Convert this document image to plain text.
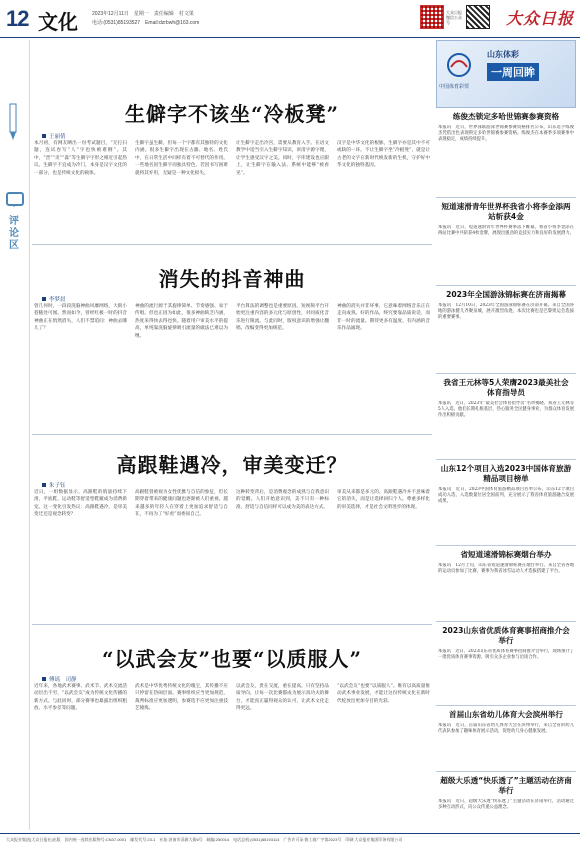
12 文化	2023年12月11日　星期一　责任编辑　村文果
电话:(0531)85193527　Email:dzrbwh@163.com
大众日报微信公众号	大众日报
评论区
生僻字不该坐“冷板凳”
王丽倩
本月初，有网友晒出一份考试题目，“无打扫题，连试卷写“人”字也快被难倒”。其中，“晋”“炎”“淼”等生僻字字形之相近引起热议。生僻字不宜成为冷门，本身是汉字文化的一部分，也是传统文化的载体。
生僻字虽生僻，但每一个字都有其独特的文化内涵。很多生僻字出现在古籍、地名、姓氏中，在日常生活中同样有着不可替代的作用。一些地名因生僻字而独具特色，若因书写困难就将其弃用，无疑是一种文化损失。
让生僻字走出冷宫，需要从教育入手。在语文教学中适当引入生僻字知识，讲清字源字理，让学生感受汉字之美。同时，字库建设也应跟上，让生僻字在输入法、系统中能够“被看见”。
汉字是中华文化的根脉，生僻字亦是其中不可或缺的一环。不让生僻字坐“冷板凳”，就是让古老的文字在新时代焕发新的生机，守护好中华文化的独特基因。
消失的抖音神曲
李梦晨
曾几何时，一段段洗脑神曲风靡网络，大街小巷随处可闻。然而如今，曾经红极一时的抖音神曲正在悄然消失，人们不禁追问：神曲去哪儿了？
神曲的流行源于其旋律简单、节奏感强、易于传唱。但也正因为如此，很多神曲缺乏内涵，热度来得快去得也快。随着用户审美水平的提高，单纯靠洗脑旋律吸引流量的做法已难以为继。
平台算法的调整也是重要原因。短视频平台开始更注重内容的多元化与原创性，对同质化音乐进行限流。与此同时，版权意识的增强让翻唱、改编变得更加规范。
神曲的消失并非坏事，它意味着网络音乐正在走向成熟。好的作品，终究要靠品质说话，而非一时的流量。期待更多有温度、有内涵的音乐作品涌现。
高跟鞋遇冷，审美变迁？
朱子钰
近日，一组数据显示，高跟鞋的销量持续下滑，平底鞋、运动鞋等舒适型鞋履成为消费新宠。这一变化引发热议：高跟鞋遇冷，是审美变迁还是观念转变？
高跟鞋曾被视为女性优雅与自信的象征，但长期穿着带来的健康问题也逐渐被人们重视。越来越多的年轻人在穿着上更加追求舒适与自在，不再为了“好看”而委屈自己。
这种转变背后，是消费观念的成熟与自我意识的觉醒。人们开始意识到，美不只有一种标准，舒适与自信同样可以成为美的表达方式。
审美从来都是多元的。高跟鞋遇冷并不意味着它的消失，而是让选择回归个人。尊重多样化的审美选择，才是社会文明进步的体现。
“以武会友”也要“以质服人”
傅瑶　司静
近年来，各地武术赛事、武术节、武术交流活动层出不穷，“以武会友”成为传统文化传播的新方式。与此同时，部分赛事也暴露出组织粗放、水平参差等问题。
武术是中华优秀传统文化的瑰宝，其传播不应只停留在热闹层面。赛事组织应当更加规范，裁判标准应更加透明，参赛选手应更加注重技艺锤炼。
以武会友，贵在交流，重在提高。只有坚持品质导向，让每一次比赛都成为展示真功夫的舞台，才能真正赢得观众的认可，让武术文化走得更远。
“以武会友”也要“以质服人”。唯有以高质量推动武术事业发展，才能让这份传统文化在新时代绽放出更加夺目的光彩。
中国体育彩票
山东体彩
一周回眸
练俊杰锁定多哈世锦赛参赛资格
本报讯　近日，世界泳联游泳世锦赛参赛资格排名公布，山东选手练俊杰凭借出色表现锁定多哈世锦赛参赛资格。练俊杰在本赛季多项赛事中表现稳定，成绩持续提升。
短道速滑青年世界杯我省小将李金添两站斩获4金
本报讯　近日，短道速滑青年世界杯赛事落下帷幕，我省小将李金添在两站比赛中共斩获4枚金牌，展现出强劲的竞技实力和良好的发展潜力。
2023年全国游泳锦标赛在济南揭幕
本报讯　12月10日，2023年全国游泳锦标赛在济南开幕。来自全国各地的游泳健儿齐聚泉城，展开激烈角逐，本次比赛也是巴黎奥运会选拔的重要赛事。
我省王元林等5人荣膺2023最美社会体育指导员
本报讯　近日，2023年“最美社会体育指导员”名单揭晓，我省王元林等5人入选。他们长期扎根基层，热心服务全民健身事业，为群众体育发展作出积极贡献。
山东12个项目入选2023中国体育旅游精品项目榜单
本报讯　近日，2023中国体育旅游精品项目名单公布，山东12个项目成功入选，入选数量位居全国前列，充分展示了我省体育旅游融合发展成果。
省短道速滑锦标赛烟台举办
本报讯　12月上旬，山东省短道速滑锦标赛在烟台举行。来自全省各地的运动员参加了比赛，赛事为我省冰雪运动人才选拔搭建了平台。
2023山东省优质体育赛事招商推介会举行
本报讯　近日，2023山东省优质体育赛事招商推介会举行，现场推介了一批优质体育赛事资源，吸引众多企业参与洽谈合作。
首届山东省幼儿体育大会滨州举行
本报讯　近日，首届山东省幼儿体育大会在滨州举行，来自全省的幼儿代表队参加了趣味体育展示活动，促进幼儿身心健康发展。
超级大乐透“快乐透了”主题活动在济南举行
本报讯　近日，超级大乐透“快乐透了”主题活动在济南举行，活动通过多种互动形式，向公众传递公益理念。
大众报业集团(大众日报社)出版　国内统一连续出版物号:CN37-0001　邮发代号:23-1　社址:济南市泺源大街6号　邮编:250014　电话总机:(0531)85193114　广告许可证:鲁工商广字第2023号　印刷:大众报业集团印务有限公司
